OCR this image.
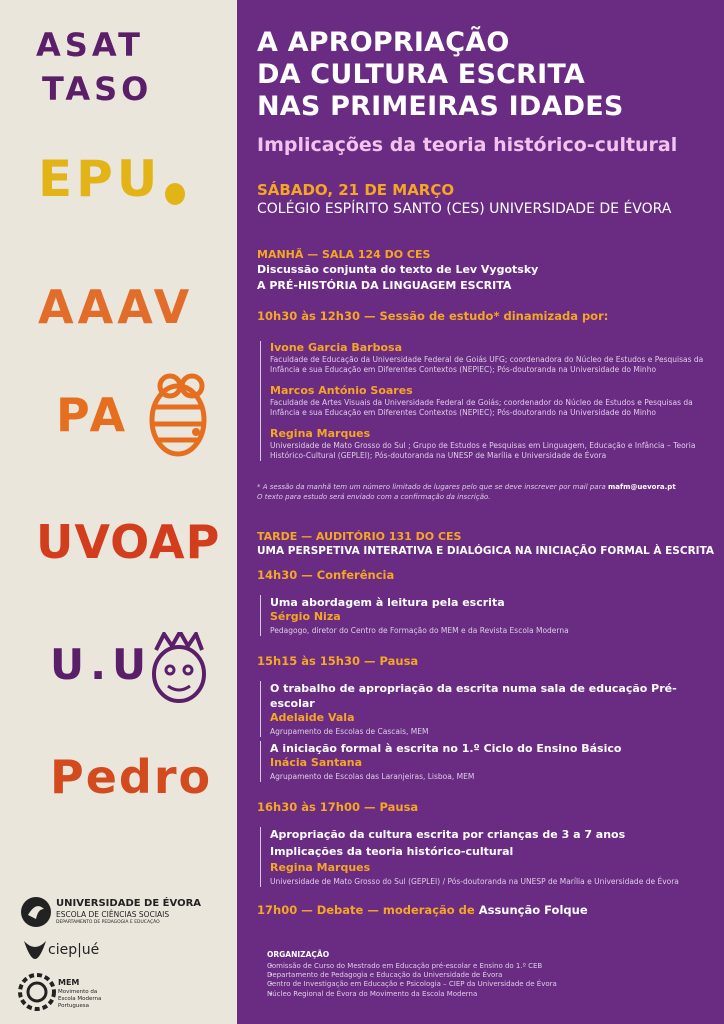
ASAT
TASO
EPU
AAAV
PA
UVOAP
U.U
Pedro
UNIVERSIDADE DE ÉVORA
ESCOLA DE CIÊNCIAS SOCIAIS
DEPARTAMENTO DE PEDAGOGIA E EDUCAÇÃO
ciep|ué
MEM
Movimento da
Escola Moderna
Portuguesa
A APROPRIAÇÃO
DA CULTURA ESCRITA
NAS PRIMEIRAS IDADES
Implicações da teoria histórico-cultural
SÁBADO, 21 DE MARÇO
COLÉGIO ESPÍRITO SANTO (CES) UNIVERSIDADE DE ÉVORA
MANHÃ — SALA 124 DO CES
Discussão conjunta do texto de Lev Vygotsky
A PRÉ-HISTÓRIA DA LINGUAGEM ESCRITA
10h30 às 12h30 — Sessão de estudo* dinamizada por:
Ivone Garcia Barbosa
Faculdade de Educação da Universidade Federal de Goiás UFG; coordenadora do Núcleo de Estudos e Pesquisas da Infância e sua Educação em Diferentes Contextos (NEPIEC); Pós-doutoranda na Universidade do Minho
Marcos António Soares
Faculdade de Artes Visuais da Universidade Federal de Goiás; coordenador do Núcleo de Estudos e Pesquisas da Infância e sua Educação em Diferentes Contextos (NEPIEC); Pós-doutorando na Universidade do Minho
Regina Marques
Universidade de Mato Grosso do Sul ; Grupo de Estudos e Pesquisas em Linguagem, Educação e Infância – Teoria Histórico-Cultural (GEPLEI); Pós-doutoranda na UNESP de Marília e Universidade de Évora
* A sessão da manhã tem um número limitado de lugares pelo que se deve inscrever por mail para mafm@uevora.pt
O texto para estudo será enviado com a confirmação da inscrição.
TARDE — AUDITÓRIO 131 DO CES
UMA PERSPETIVA INTERATIVA E DIALÓGICA NA INICIAÇÃO FORMAL À ESCRITA
14h30 — Conferência
Uma abordagem à leitura pela escrita
Sérgio Niza
Pedagogo, diretor do Centro de Formação do MEM e da Revista Escola Moderna
15h15 às 15h30 — Pausa
O trabalho de apropriação da escrita numa sala de educação Pré-escolar
Adelaide Vala
Agrupamento de Escolas de Cascais, MEM
A iniciação formal à escrita no 1.º Ciclo do Ensino Básico
Inácia Santana
Agrupamento de Escolas das Laranjeiras, Lisboa, MEM
16h30 às 17h00 — Pausa
Apropriação da cultura escrita por crianças de 3 a 7 anos
Implicações da teoria histórico-cultural
Regina Marques
Universidade de Mato Grosso do Sul (GEPLEI) / Pós-doutoranda na UNESP de Marília e Universidade de Évora
17h00 — Debate — moderação de Assunção Folque
ORGANIZAÇÃO
• Comissão de Curso do Mestrado em Educação pré-escolar e Ensino do 1.º CEB
• Departamento de Pedagogia e Educação da Universidade de Évora
• Centro de Investigação em Educação e Psicologia – CIEP da Universidade de Évora
• Núcleo Regional de Évora do Movimento da Escola Moderna
